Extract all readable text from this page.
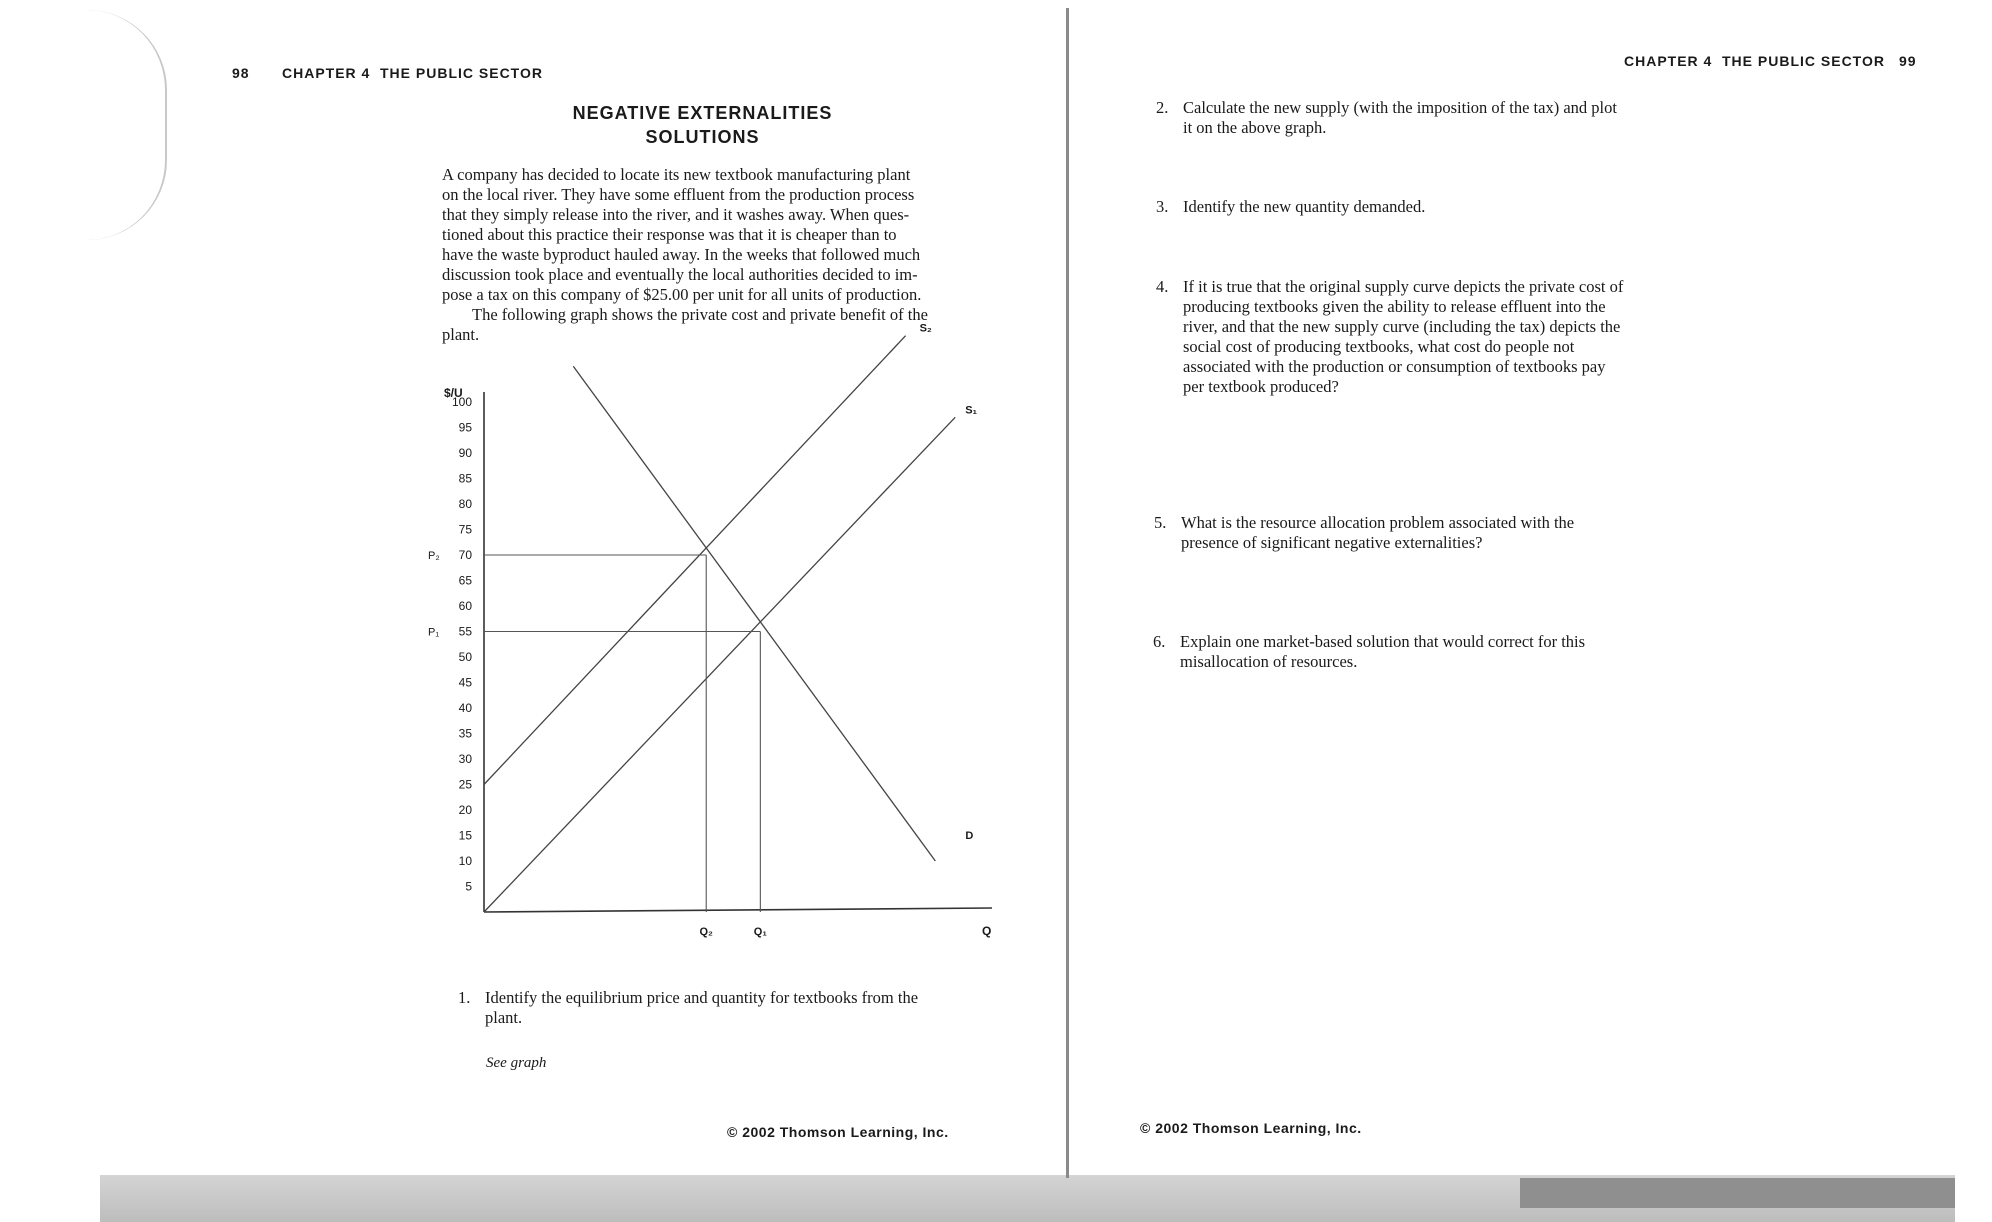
98 CHAPTER 4 THE PUBLIC SECTOR
NEGATIVE EXTERNALITIES
SOLUTIONS
A company has decided to locate its new textbook manufacturing plant
on the local river. They have some effluent from the production process
that they simply release into the river, and it washes away. When ques-
tioned about this practice their response was that it is cheaper than to
have the waste byproduct hauled away. In the weeks that followed much
discussion took place and eventually the local authorities decided to im-
pose a tax on this company of $25.00 per unit for all units of production.
The following graph shows the private cost and private benefit of the
plant.
$/U
Q
100
95
90
85
80
75
70
65
60
55
50
45
40
35
30
25
20
15
10
5
D
S₁
S₂
P₂
Q₂
P₁
Q₁
1. Identify the equilibrium price and quantity for textbooks from the
plant.
See graph
© 2002 Thomson Learning, Inc.
CHAPTER 4 THE PUBLIC SECTOR 99
2. Calculate the new supply (with the imposition of the tax) and plot
it on the above graph.
3. Identify the new quantity demanded.
4. If it is true that the original supply curve depicts the private cost of
producing textbooks given the ability to release effluent into the
river, and that the new supply curve (including the tax) depicts the
social cost of producing textbooks, what cost do people not
associated with the production or consumption of textbooks pay
per textbook produced?
5. What is the resource allocation problem associated with the
presence of significant negative externalities?
6. Explain one market-based solution that would correct for this
misallocation of resources.
© 2002 Thomson Learning, Inc.
